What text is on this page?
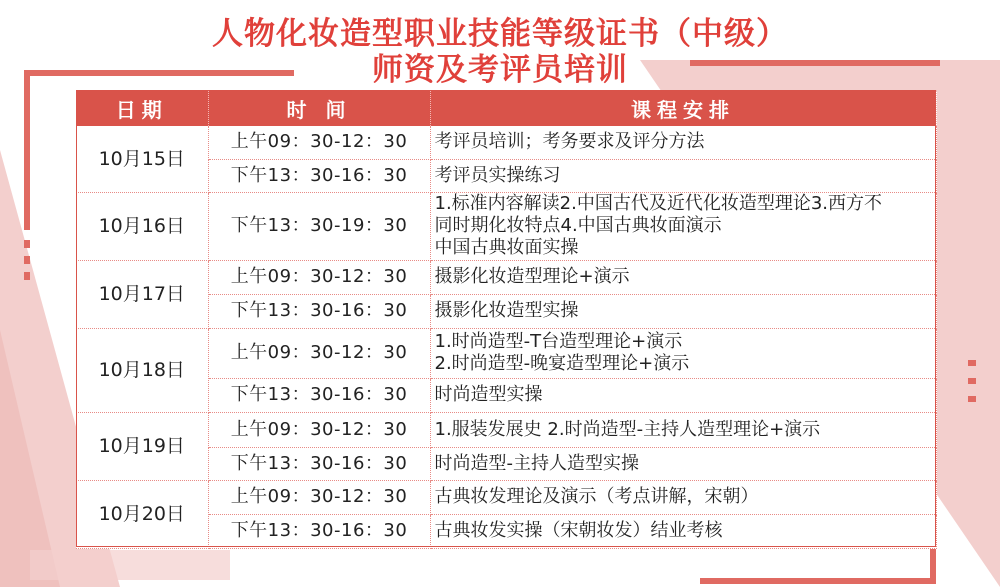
人物化妆造型职业技能等级证书（中级）
师资及考评员培训
日期	时 间	课程安排
10月15日	上午09：30-12：30	考评员培训；考务要求及评分方法
	下午13：30-16：30	考评员实操练习
10月16日	下午13：30-19：30	1.标准内容解读2.中国古代及近代化妆造型理论3.西方不
同时期化妆特点4.中国古典妆面演示
中国古典妆面实操

10月17日	上午09：30-12：30	摄影化妆造型理论+演示
	下午13：30-16：30	摄影化妆造型实操
10月18日	上午09：30-12：30	1.时尚造型-T台造型理论+演示
2.时尚造型-晚宴造型理论+演示

	下午13：30-16：30	时尚造型实操
10月19日	上午09：30-12：30	1.服装发展史 2.时尚造型-主持人造型理论+演示
	下午13：30-16：30	时尚造型-主持人造型实操
10月20日	上午09：30-12：30	古典妆发理论及演示（考点讲解，宋朝）
	下午13：30-16：30	古典妆发实操（宋朝妆发）结业考核
